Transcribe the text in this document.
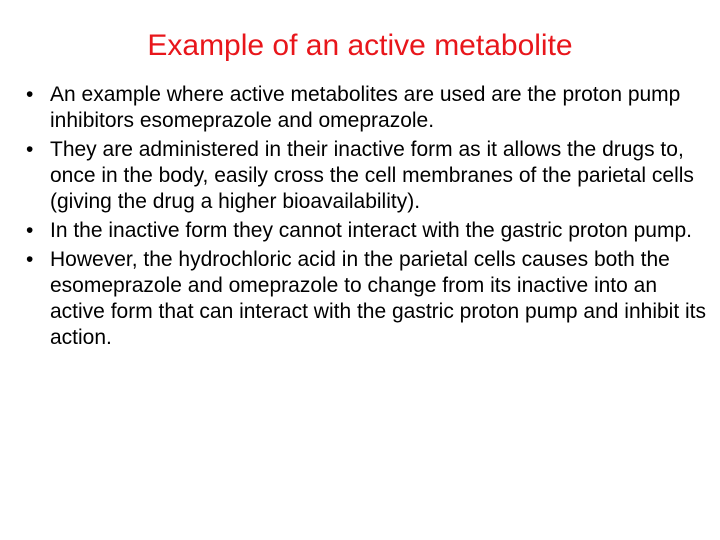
Example of an active metabolite
• An example where active metabolites are used are the proton pump inhibitors esomeprazole and omeprazole.
• They are administered in their inactive form as it allows the drugs to, once in the body, easily cross the cell membranes of the parietal cells (giving the drug a higher bioavailability).
• In the inactive form they cannot interact with the gastric proton pump.
• However, the hydrochloric acid in the parietal cells causes both the esomeprazole and omeprazole to change from its inactive into an active form that can interact with the gastric proton pump and inhibit its action.
